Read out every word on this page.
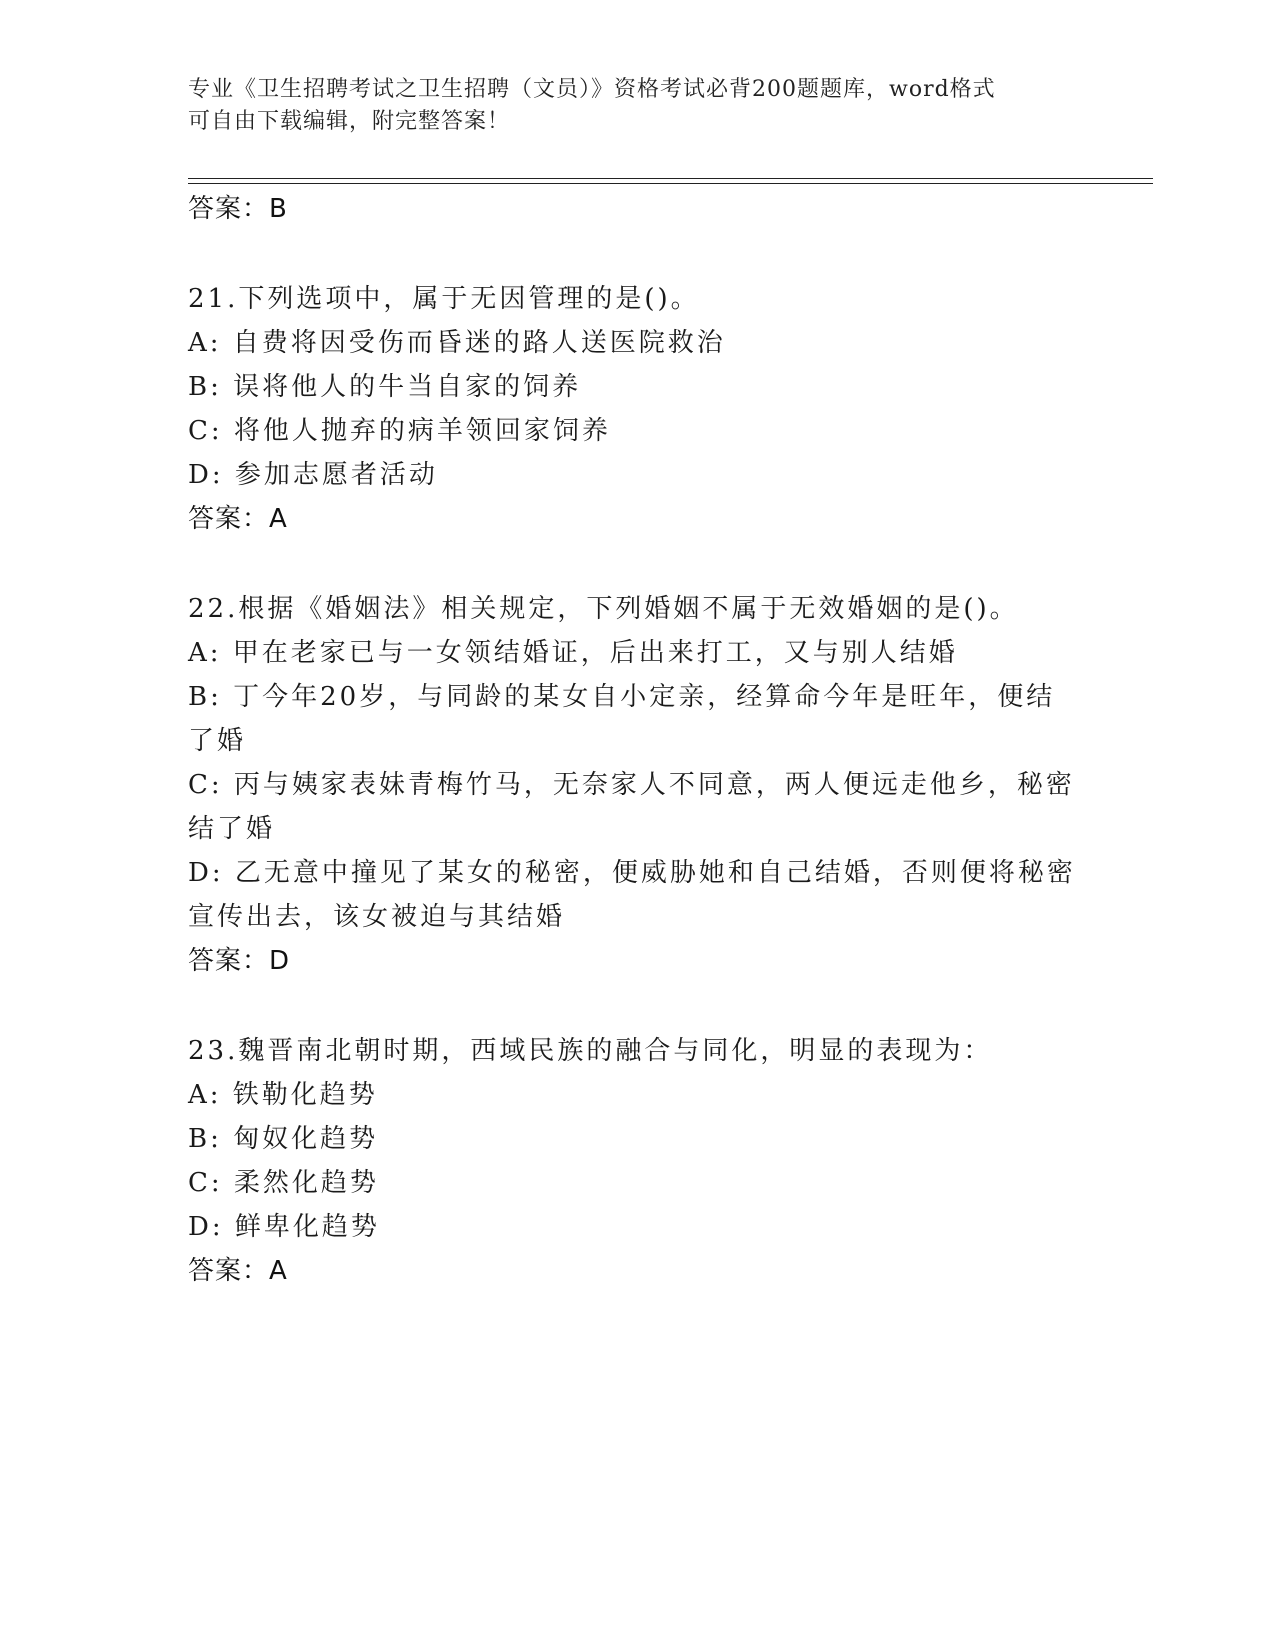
专业《卫生招聘考试之卫生招聘（文员）》资格考试必背200题题库，word格式
可自由下载编辑，附完整答案！
答案：B
21.下列选项中，属于无因管理的是()。
A: 自费将因受伤而昏迷的路人送医院救治
B: 误将他人的牛当自家的饲养
C: 将他人抛弃的病羊领回家饲养
D: 参加志愿者活动
答案：A
22.根据《婚姻法》相关规定，下列婚姻不属于无效婚姻的是()。
A: 甲在老家已与一女领结婚证，后出来打工，又与别人结婚
B: 丁今年20岁，与同龄的某女自小定亲，经算命今年是旺年，便结
了婚
C: 丙与姨家表妹青梅竹马，无奈家人不同意，两人便远走他乡，秘密
结了婚
D: 乙无意中撞见了某女的秘密，便威胁她和自己结婚，否则便将秘密
宣传出去，该女被迫与其结婚
答案：D
23.魏晋南北朝时期，西域民族的融合与同化，明显的表现为：
A: 铁勒化趋势
B: 匈奴化趋势
C: 柔然化趋势
D: 鲜卑化趋势
答案：A
